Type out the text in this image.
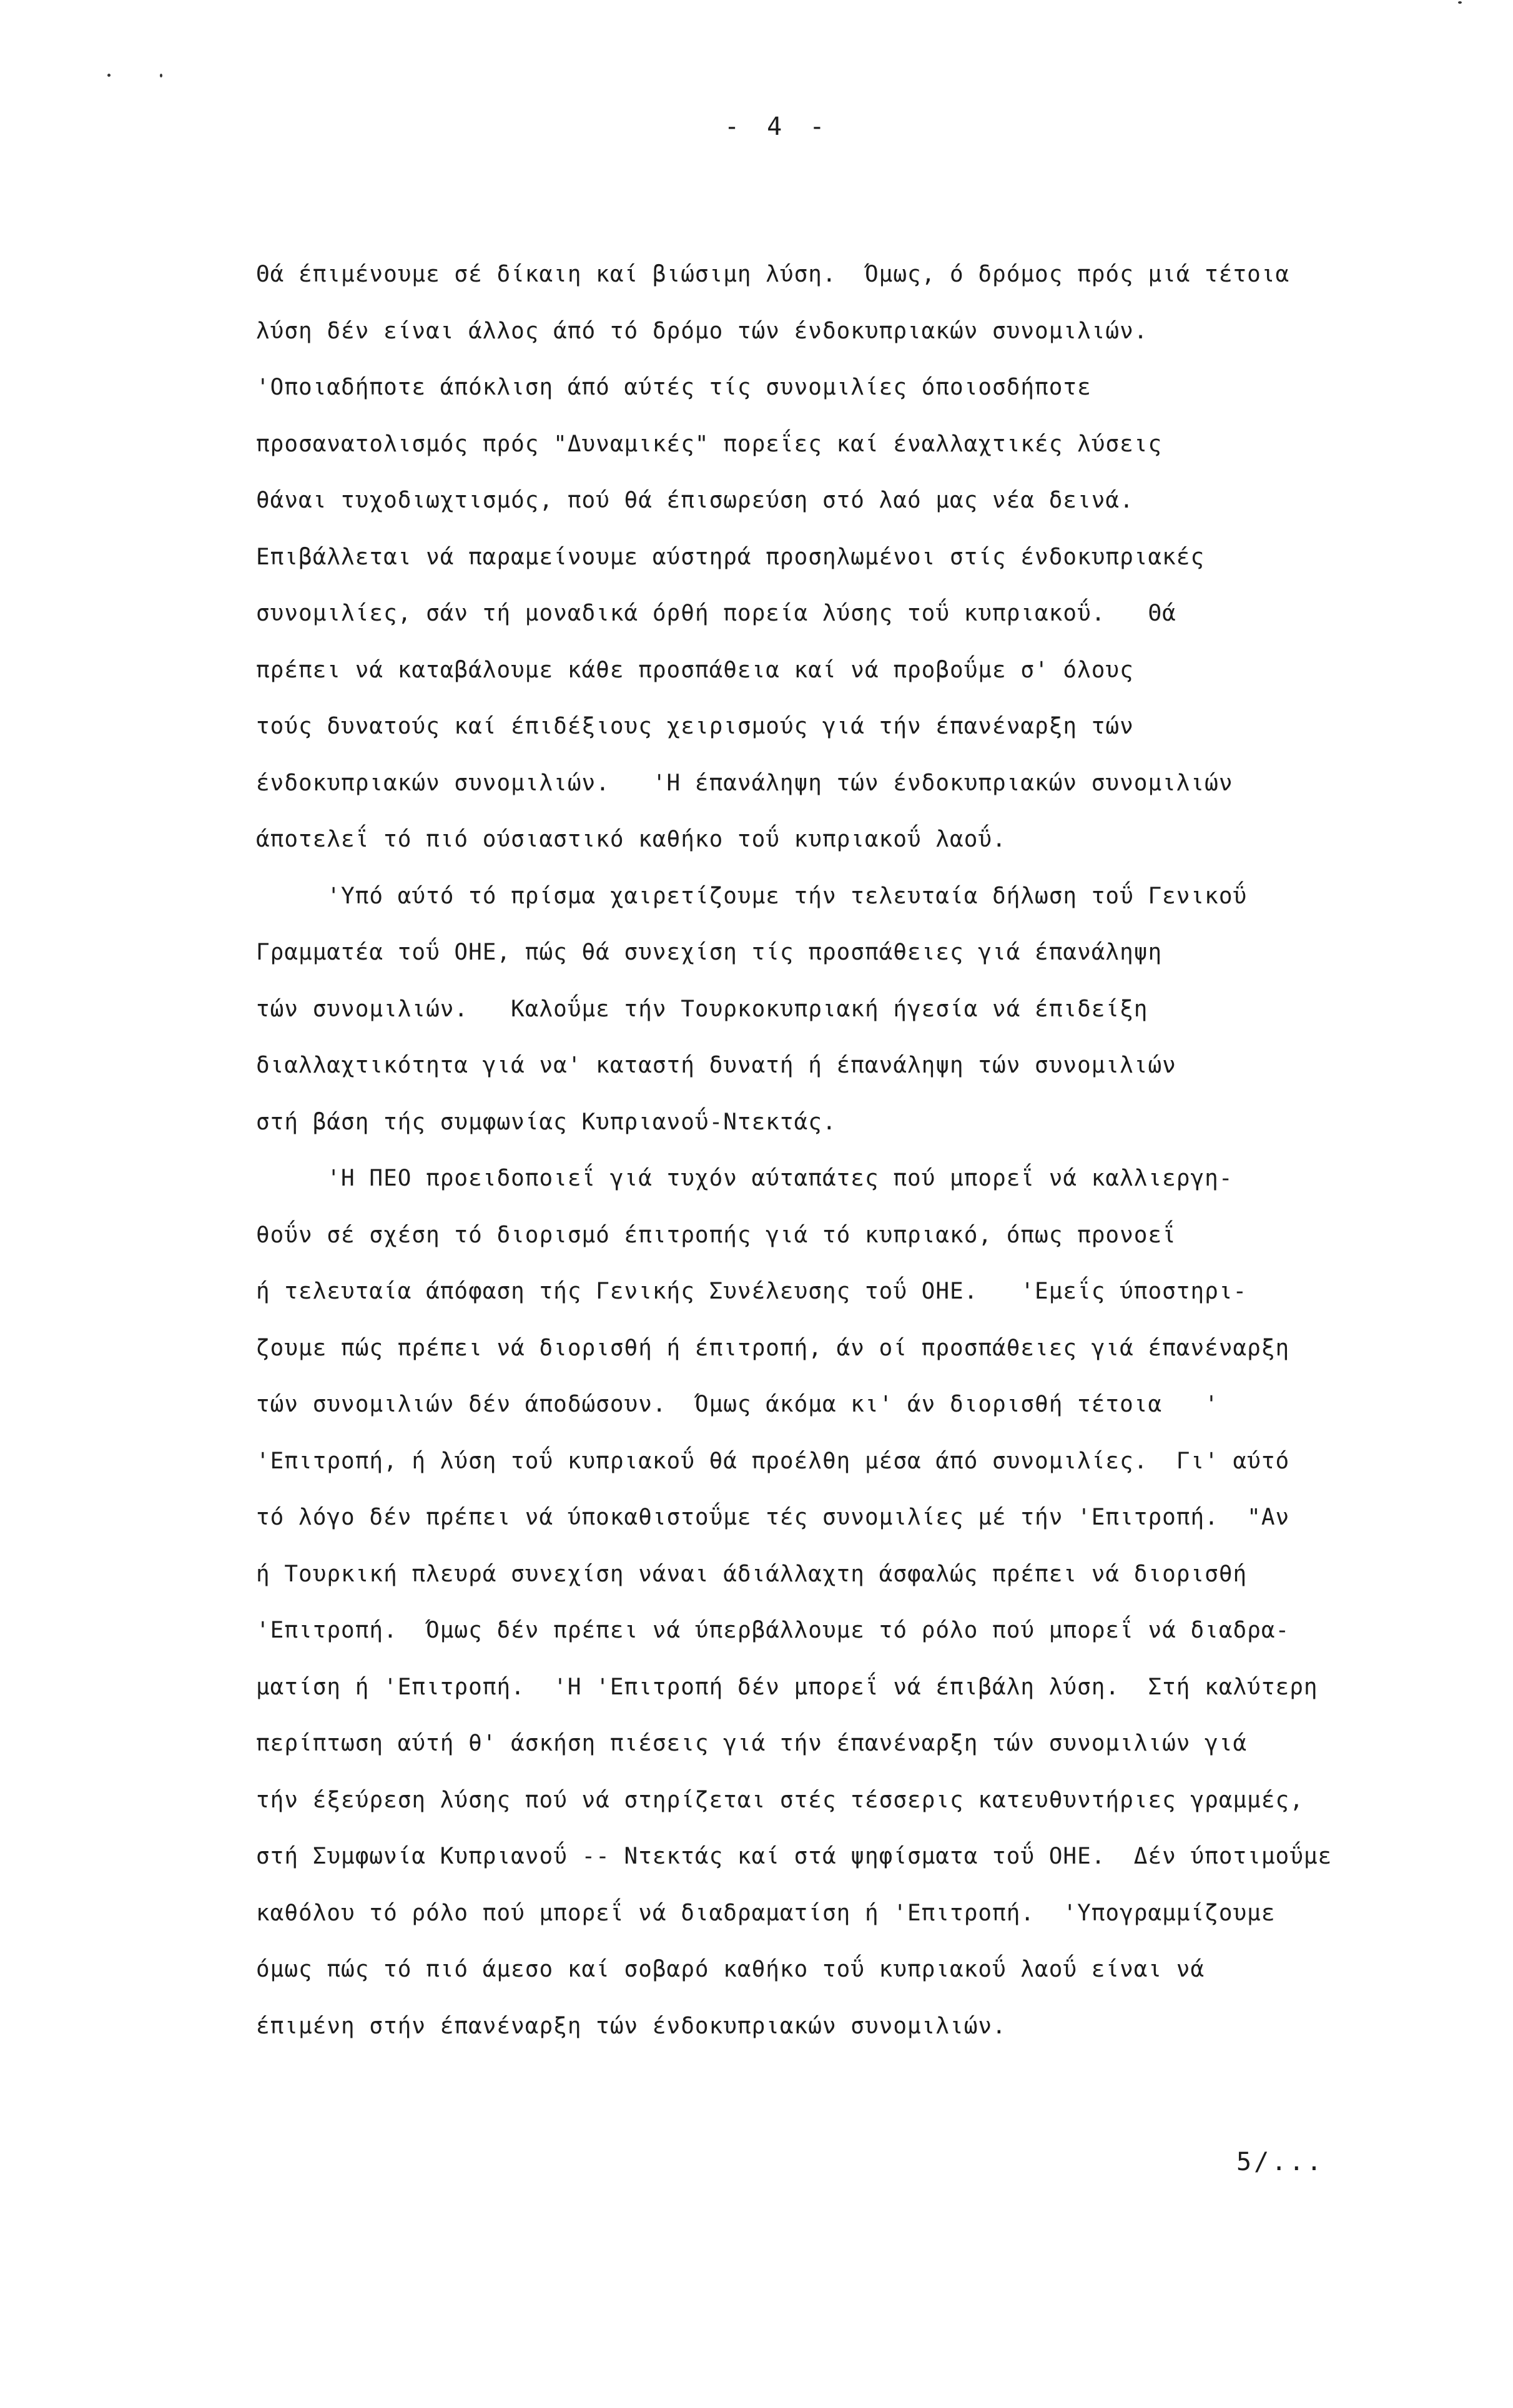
- 4 -
Θά έπιμένουμε σέ δίκαιη καί βιώσιμη λύση.  Όμως, ό δρόμος πρός μιά τέτοια
λύση δέν είναι άλλος άπό τό δρόμο τών ένδοκυπριακών συνομιλιών.
'Οποιαδήποτε άπόκλιση άπό αύτές τίς συνομιλίες όποιοσδήποτε
προσανατολισμός πρός "Δυναμικές" πορεΐες καί έναλλαχτικές λύσεις
θάναι τυχοδιωχτισμός, πού θά έπισωρεύση στό λαό μας νέα δεινά.
Επιβάλλεται νά παραμείνουμε αύστηρά προσηλωμένοι στίς ένδοκυπριακές
συνομιλίες, σάν τή μοναδικά όρθή πορεία λύσης τοΰ κυπριακοΰ.   Θά
πρέπει νά καταβάλουμε κάθε προσπάθεια καί νά προβοΰμε σ' όλους
τούς δυνατούς καί έπιδέξιους χειρισμούς γιά τήν έπανέναρξη τών
ένδοκυπριακών συνομιλιών.   'Η έπανάληψη τών ένδοκυπριακών συνομιλιών
άποτελεΐ τό πιό ούσιαστικό καθήκο τοΰ κυπριακοΰ λαοΰ.
'Υπό αύτό τό πρίσμα χαιρετίζουμε τήν τελευταία δήλωση τοΰ Γενικοΰ
Γραμματέα τοΰ ΟΗΕ, πώς θά συνεχίση τίς προσπάθειες γιά έπανάληψη
τών συνομιλιών.   Καλοΰμε τήν Τουρκοκυπριακή ήγεσία νά έπιδείξη
διαλλαχτικότητα γιά να' καταστή δυνατή ή έπανάληψη τών συνομιλιών
στή βάση τής συμφωνίας Κυπριανοΰ-Ντεκτάς.
'Η ΠΕΟ προειδοποιεΐ γιά τυχόν αύταπάτες πού μπορεΐ νά καλλιεργη-
θοΰν σέ σχέση τό διορισμό έπιτροπής γιά τό κυπριακό, όπως προνοεΐ
ή τελευταία άπόφαση τής Γενικής Συνέλευσης τοΰ ΟΗΕ.   'Εμεΐς ύποστηρι-
ζουμε πώς πρέπει νά διορισθή ή έπιτροπή, άν οί προσπάθειες γιά έπανέναρξη
τών συνομιλιών δέν άποδώσουν.  Όμως άκόμα κι' άν διορισθή τέτοια   '
'Επιτροπή, ή λύση τοΰ κυπριακοΰ θά προέλθη μέσα άπό συνομιλίες.  Γι' αύτό
τό λόγο δέν πρέπει νά ύποκαθιστοΰμε τές συνομιλίες μέ τήν 'Επιτροπή.  "Αν
ή Τουρκική πλευρά συνεχίση νάναι άδιάλλαχτη άσφαλώς πρέπει νά διορισθή
'Επιτροπή.  Όμως δέν πρέπει νά ύπερβάλλουμε τό ρόλο πού μπορεΐ νά διαδρα-
ματίση ή 'Επιτροπή.  'Η 'Επιτροπή δέν μπορεΐ νά έπιβάλη λύση.  Στή καλύτερη
περίπτωση αύτή θ' άσκήση πιέσεις γιά τήν έπανέναρξη τών συνομιλιών γιά
τήν έξεύρεση λύσης πού νά στηρίζεται στές τέσσερις κατευθυντήριες γραμμές,
στή Συμφωνία Κυπριανοΰ -- Ντεκτάς καί στά ψηφίσματα τοΰ ΟΗΕ.  Δέν ύποτιμοΰμε
καθόλου τό ρόλο πού μπορεΐ νά διαδραματίση ή 'Επιτροπή.  'Υπογραμμίζουμε
όμως πώς τό πιό άμεσο καί σοβαρό καθήκο τοΰ κυπριακοΰ λαοΰ είναι νά
έπιμένη στήν έπανέναρξη τών ένδοκυπριακών συνομιλιών.
5/...
